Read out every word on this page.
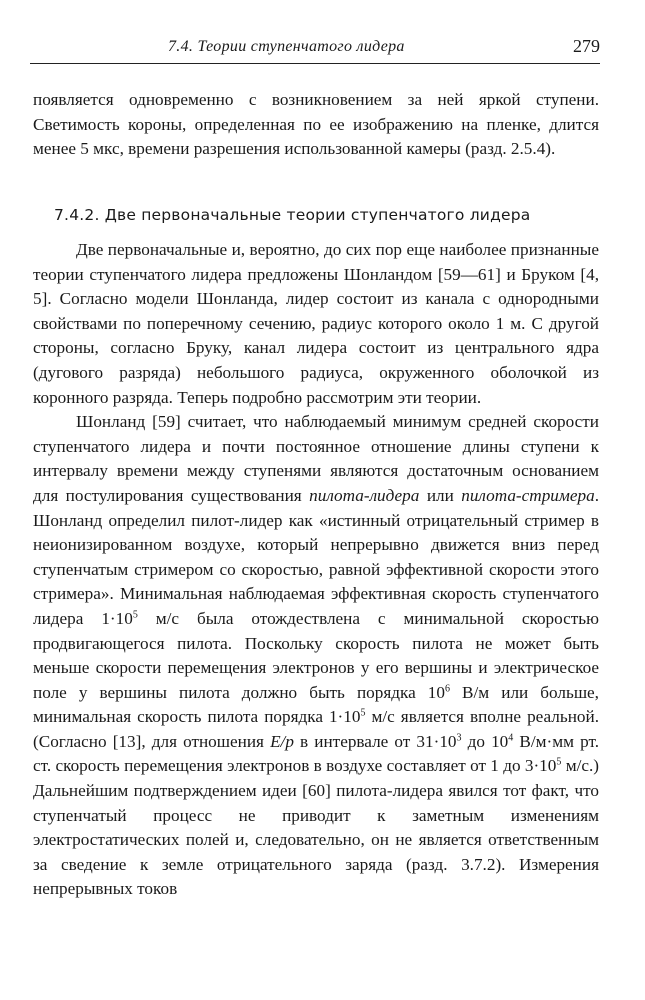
7.4. Теории ступенчатого лидера	279
появляется одновременно с возникновением за ней яркой ступени. Светимость короны, определенная по ее изображению на пленке, длится менее 5 мкс, времени разрешения использованной камеры (разд. 2.5.4).
7.4.2. Две первоначальные теории ступенчатого лидера

Две первоначальные и, вероятно, до сих пор еще наиболее признанные теории ступенчатого лидера предложены Шонландом [59—61] и Бруком [4, 5]. Согласно модели Шонланда, лидер состоит из канала с однородными свойствами по поперечному сечению, радиус которого около 1 м. С другой стороны, согласно Бруку, канал лидера состоит из центрального ядра (дугового разряда) небольшого радиуса, окруженного оболочкой из коронного разряда. Теперь подробно рассмотрим эти теории.

Шонланд [59] считает, что наблюдаемый минимум средней скорости ступенчатого лидера и почти постоянное отношение длины ступени к интервалу времени между ступенями являются достаточным основанием для постулирования существования пилота-лидера или пилота-стримера. Шонланд определил пилот-лидер как «истинный отрицательный стример в неионизированном воздухе, который непрерывно движется вниз перед ступенчатым стримером со скоростью, равной эффективной скорости этого стримера». Минимальная наблюдаемая эффективная скорость ступенчатого лидера $1\cdot 10^5$ м/с была отождествлена с минимальной скоростью продвигающегося пилота. Поскольку скорость пилота не может быть меньше скорости перемещения электронов у его вершины и электрическое поле у вершины пилота должно быть порядка $10^6$ В/м или больше, минимальная скорость пилота порядка $1\cdot 10^5$ м/с является вполне реальной. (Согласно [13], для отношения E/p в интервале от $31\cdot 10^3$ до $10^4$ В/м·мм рт. ст. скорость перемещения электронов в воздухе составляет от 1 до $3\cdot 10^5$ м/с.) Дальнейшим подтверждением идеи [60] пилота-лидера явился тот факт, что ступенчатый процесс не приводит к заметным изменениям электростатических полей и, следовательно, он не является ответственным за сведение к земле отрицательного заряда (разд. 3.7.2). Измерения непрерывных токов
